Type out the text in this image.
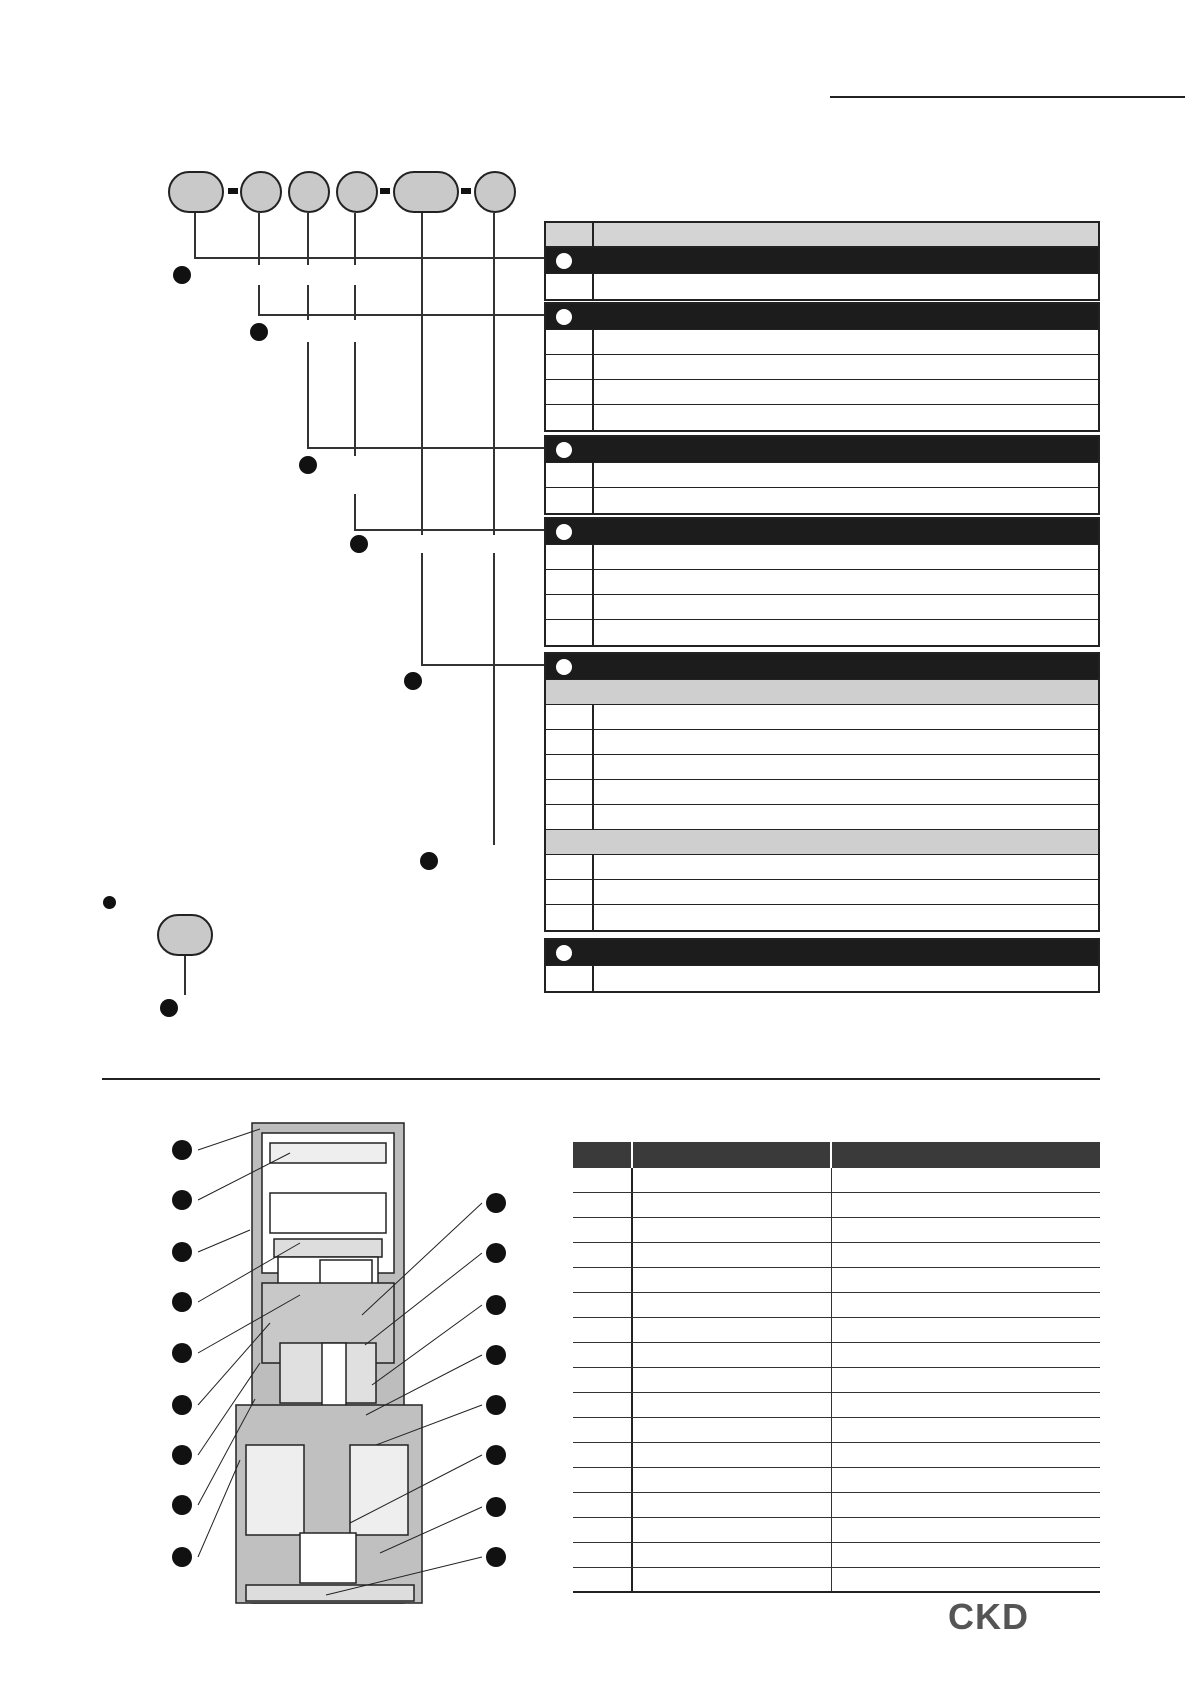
CKD
